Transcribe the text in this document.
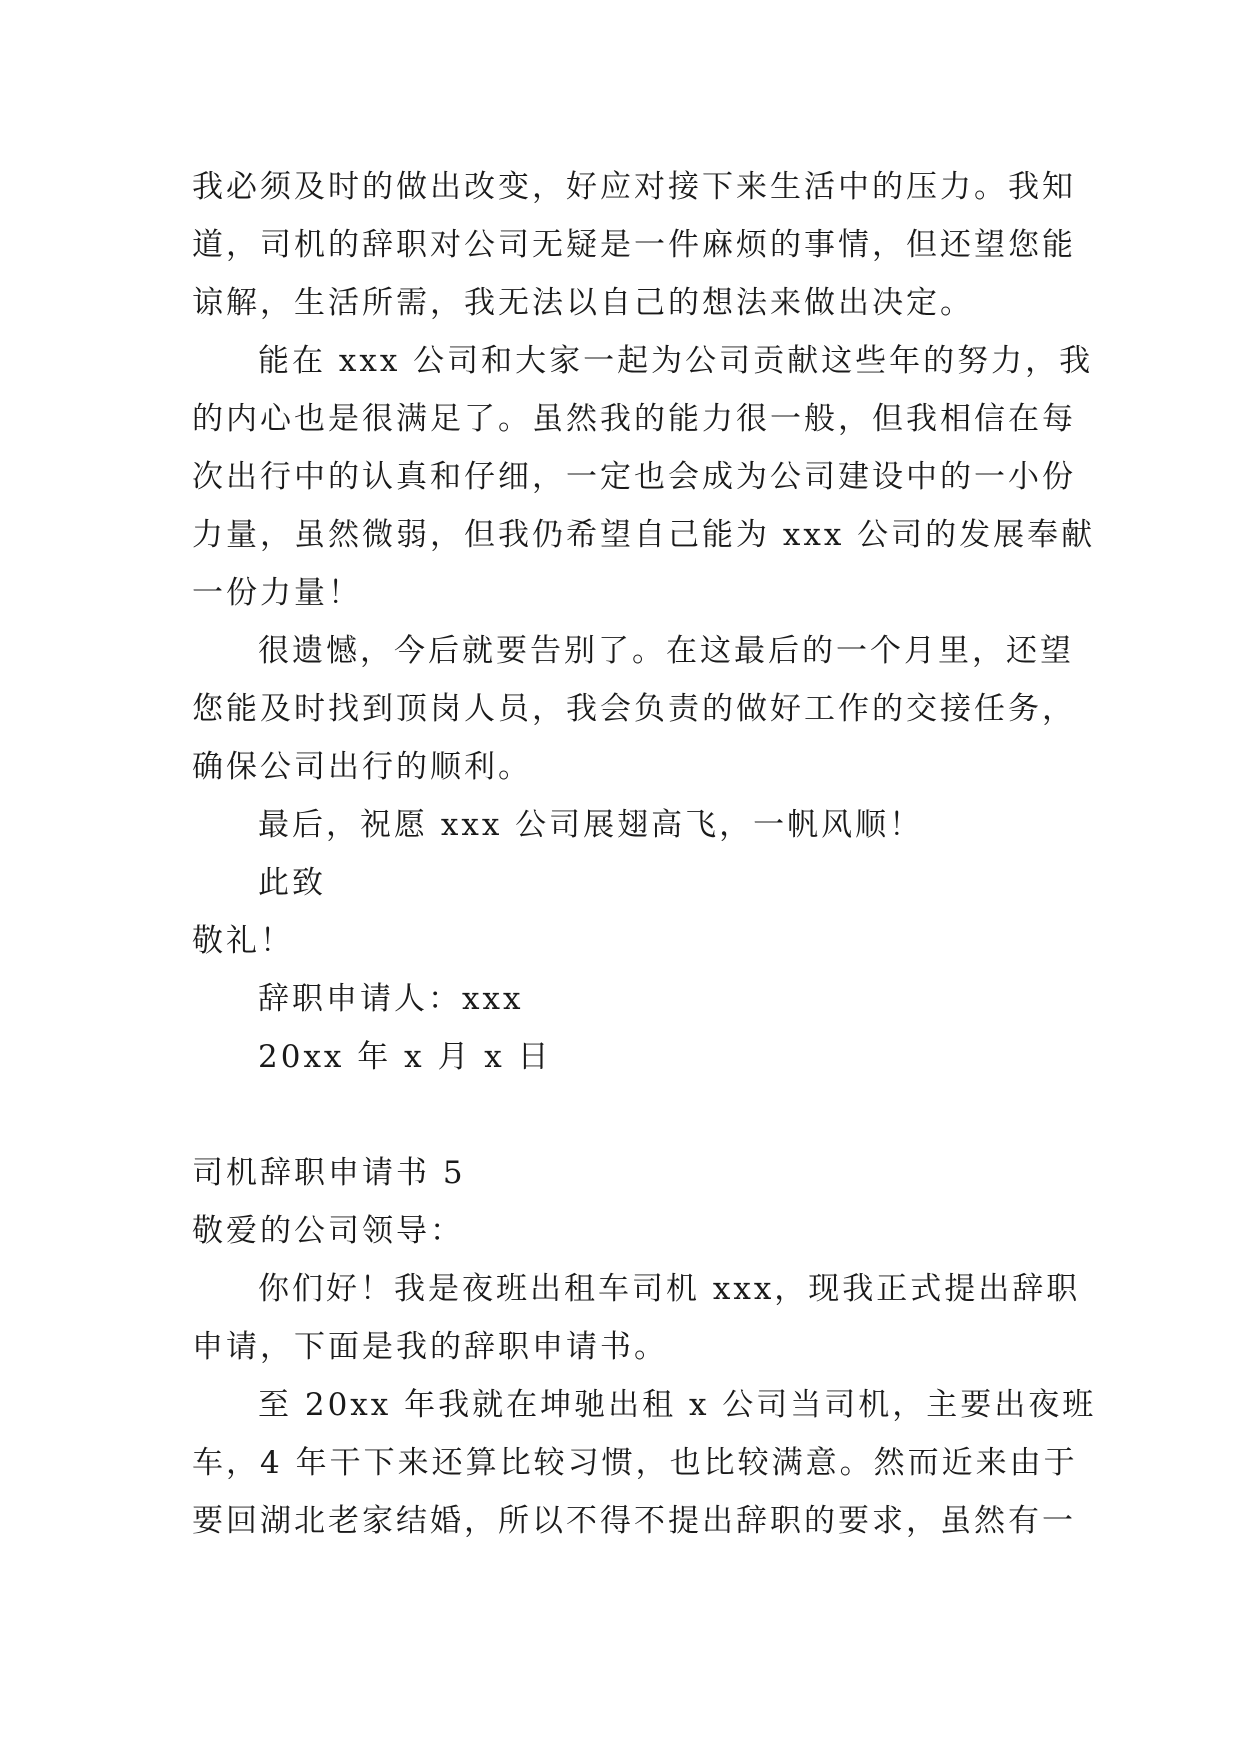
我必须及时的做出改变，好应对接下来生活中的压力。我知
道，司机的辞职对公司无疑是一件麻烦的事情，但还望您能
谅解，生活所需，我无法以自己的想法来做出决定。
能在 xxx 公司和大家一起为公司贡献这些年的努力，我
的内心也是很满足了。虽然我的能力很一般，但我相信在每
次出行中的认真和仔细，一定也会成为公司建设中的一小份
力量，虽然微弱，但我仍希望自己能为 xxx 公司的发展奉献
一份力量！
很遗憾，今后就要告别了。在这最后的一个月里，还望
您能及时找到顶岗人员，我会负责的做好工作的交接任务，
确保公司出行的顺利。
最后，祝愿 xxx 公司展翅高飞，一帆风顺！
此致
敬礼！
辞职申请人：xxx
20xx 年 x 月 x 日
司机辞职申请书 5
敬爱的公司领导：
你们好！我是夜班出租车司机 xxx，现我正式提出辞职
申请，下面是我的辞职申请书。
至 20xx 年我就在坤驰出租 x 公司当司机，主要出夜班
车，4 年干下来还算比较习惯，也比较满意。然而近来由于
要回湖北老家结婚，所以不得不提出辞职的要求，虽然有一
